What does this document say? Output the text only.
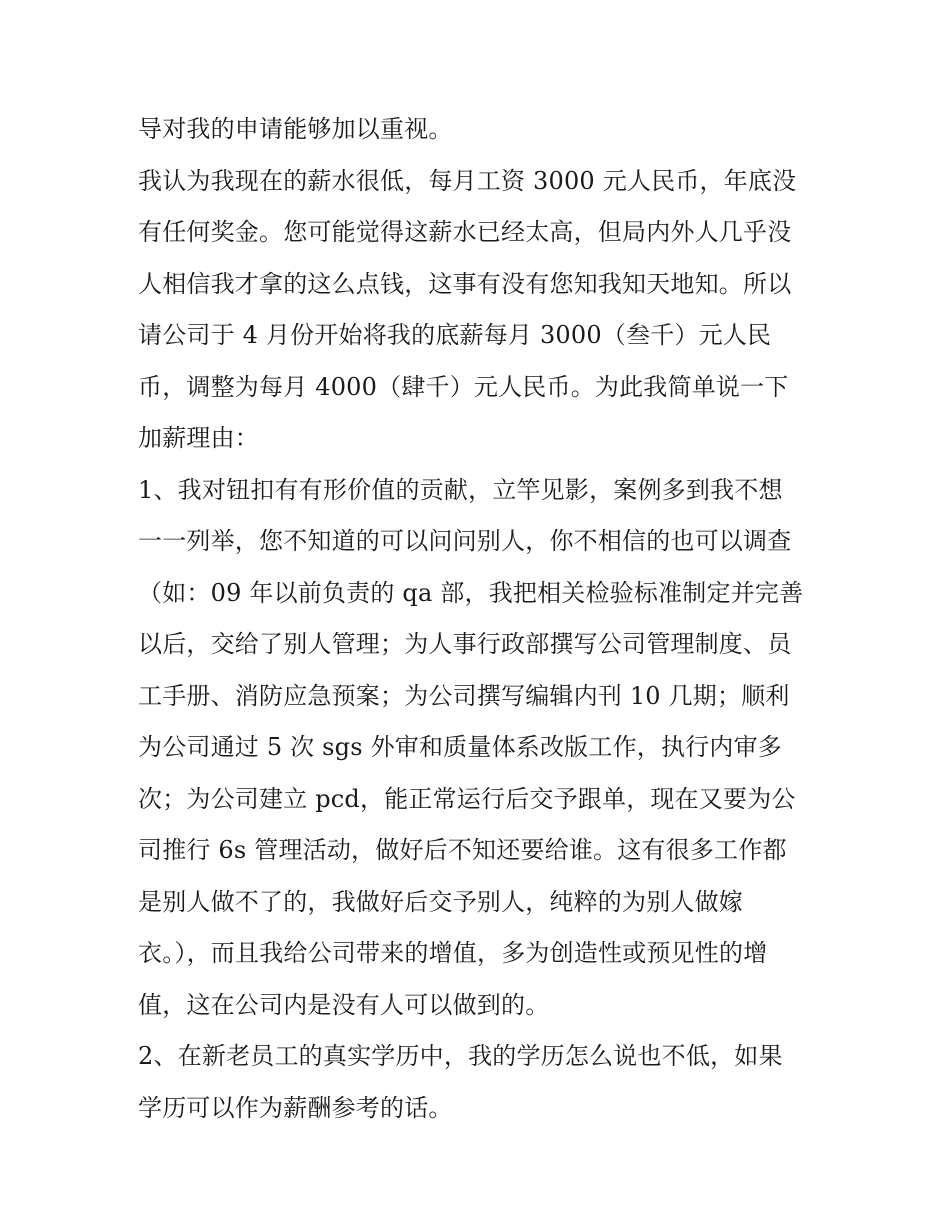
导对我的申请能够加以重视。
我认为我现在的薪水很低，每月工资 3000 元人民币，年底没
有任何奖金。您可能觉得这薪水已经太高，但局内外人几乎没
人相信我才拿的这么点钱，这事有没有您知我知天地知。所以
请公司于 4 月份开始将我的底薪每月 3000（叁千）元人民
币，调整为每月 4000（肆千）元人民币。为此我简单说一下
加薪理由：
1、我对钮扣有有形价值的贡献，立竿见影，案例多到我不想
一一列举，您不知道的可以问问别人，你不相信的也可以调查
（如：09 年以前负责的 qa 部，我把相关检验标准制定并完善
以后，交给了别人管理；为人事行政部撰写公司管理制度、员
工手册、消防应急预案；为公司撰写编辑内刊 10 几期；顺利
为公司通过 5 次 sgs 外审和质量体系改版工作，执行内审多
次；为公司建立 pcd，能正常运行后交予跟单，现在又要为公
司推行 6s 管理活动，做好后不知还要给谁。这有很多工作都
是别人做不了的，我做好后交予别人，纯粹的为别人做嫁
衣。），而且我给公司带来的增值，多为创造性或预见性的增
值，这在公司内是没有人可以做到的。
2、在新老员工的真实学历中，我的学历怎么说也不低，如果
学历可以作为薪酬参考的话。
